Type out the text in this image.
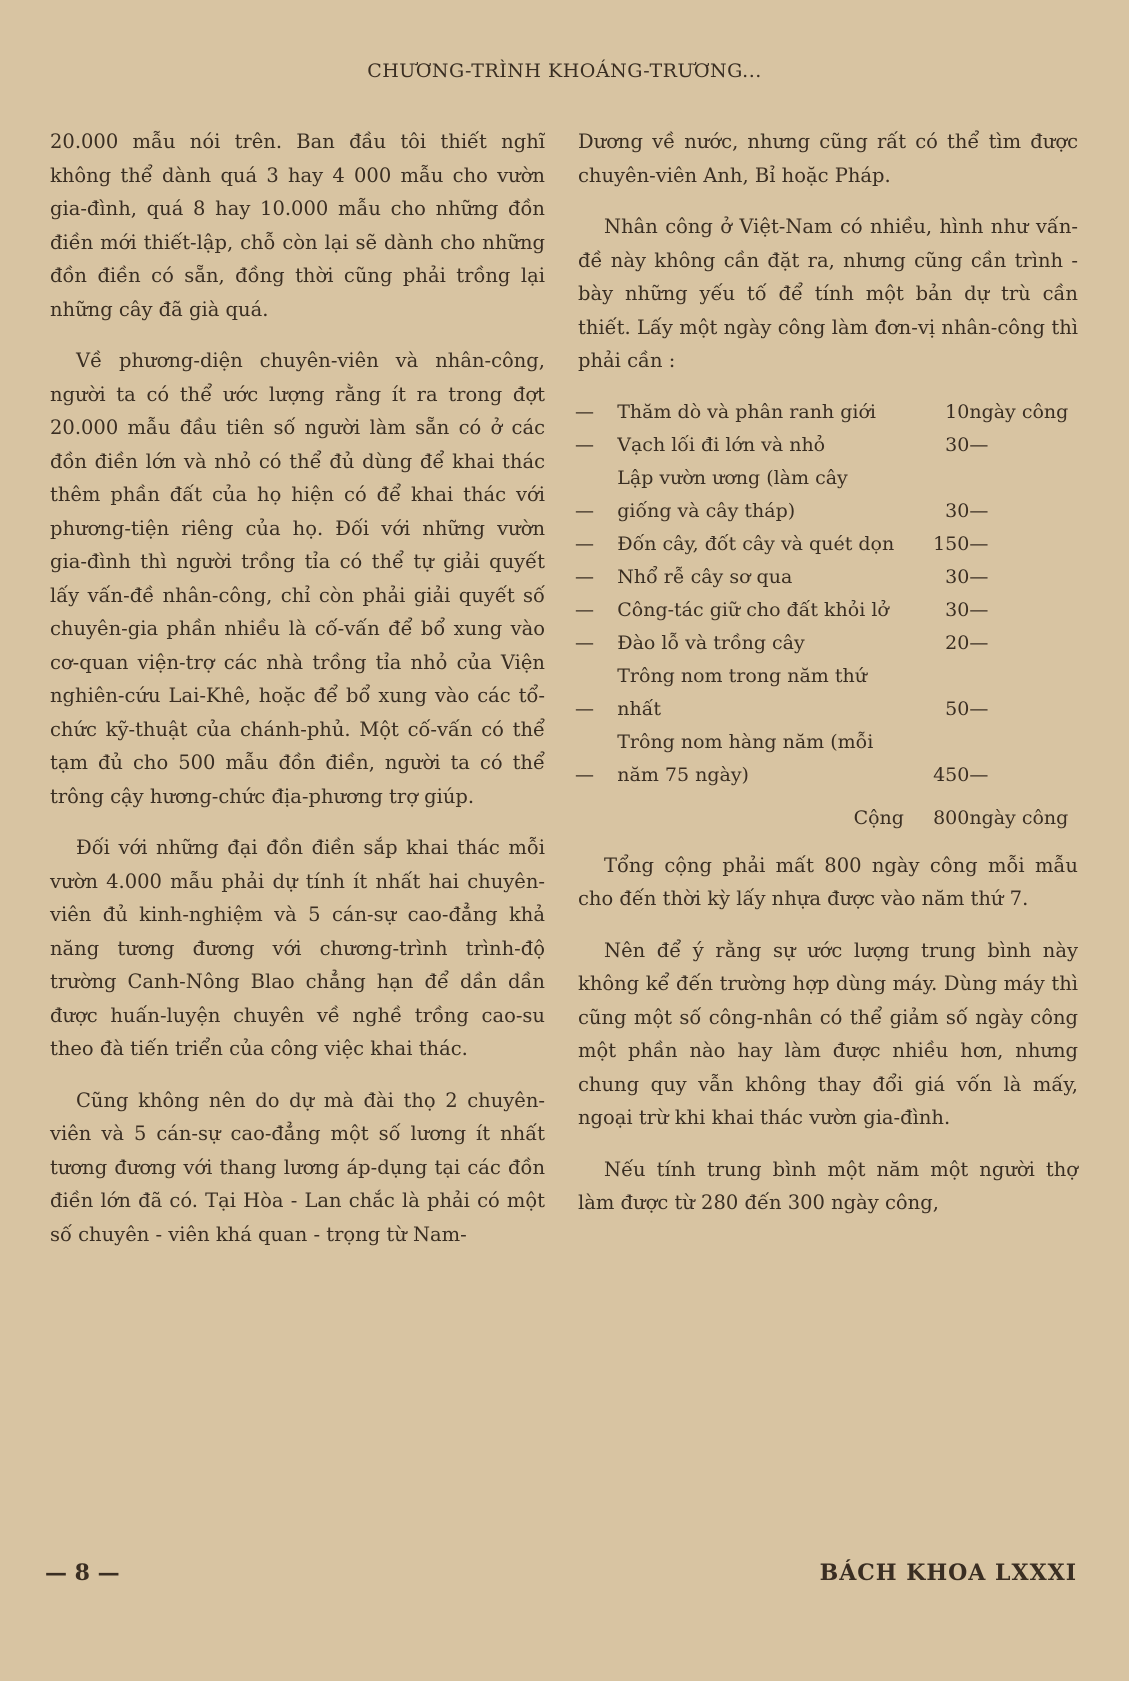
CHƯƠNG-TRÌNH KHOÁNG-TRƯƠNG...

20.000 mẫu nói trên. Ban đầu tôi thiết nghĩ không thể dành quá 3 hay 4 000 mẫu cho vườn gia-đình, quá 8 hay 10.000 mẫu cho những đồn điền mới thiết-lập, chỗ còn lại sẽ dành cho những đồn điền có sẵn, đồng thời cũng phải trồng lại những cây đã già quá.

Về phương-diện chuyên-viên và nhân-công, người ta có thể ước lượng rằng ít ra trong đợt 20.000 mẫu đầu tiên số người làm sẵn có ở các đồn điền lớn và nhỏ có thể đủ dùng để khai thác thêm phần đất của họ hiện có để khai thác với phương-tiện riêng của họ. Đối với những vườn gia-đình thì người trồng tỉa có thể tự giải quyết lấy vấn-đề nhân-công, chỉ còn phải giải quyết số chuyên-gia phần nhiều là cố-vấn để bổ xung vào cơ-quan viện-trợ các nhà trồng tỉa nhỏ của Viện nghiên-cứu Lai-Khê, hoặc để bổ xung vào các tổ-chức kỹ-thuật của chánh-phủ. Một cố-vấn có thể tạm đủ cho 500 mẫu đồn điền, người ta có thể trông cậy hương-chức địa-phương trợ giúp.

Đối với những đại đồn điền sắp khai thác mỗi vườn 4.000 mẫu phải dự tính ít nhất hai chuyên-viên đủ kinh-nghiệm và 5 cán-sự cao-đẳng khả năng tương đương với chương-trình trình-độ trường Canh-Nông Blao chẳng hạn để dần dần được huấn-luyện chuyên về nghề trồng cao-su theo đà tiến triển của công việc khai thác.

Cũng không nên do dự mà đài thọ 2 chuyên-viên và 5 cán-sự cao-đẳng một số lương ít nhất tương đương với thang lương áp-dụng tại các đồn điền lớn đã có. Tại Hòa - Lan chắc là phải có một số chuyên - viên khá quan - trọng từ Nam-

Dương về nước, nhưng cũng rất có thể tìm được chuyên-viên Anh, Bỉ hoặc Pháp.

Nhân công ở Việt-Nam có nhiều, hình như vấn-đề này không cần đặt ra, nhưng cũng cần trình - bày những yếu tố để tính một bản dự trù cần thiết. Lấy một ngày công làm đơn-vị nhân-công thì phải cần :

—	Thăm dò và phân ranh giới	10	ngày công
—	Vạch lối đi lớn và nhỏ	30	—
—	Lập vườn ương (làm cây giống và cây tháp)	30	—
—	Đốn cây, đốt cây và quét dọn	150	—
—	Nhổ rễ cây sơ qua	30	—
—	Công-tác giữ cho đất khỏi lở	30	—
—	Đào lỗ và trồng cây	20	—
—	Trông nom trong năm thứ nhất	50	—
—	Trông nom hàng năm (mỗi năm 75 ngày)	450	—
	Cộng	800	ngày công

Tổng cộng phải mất 800 ngày công mỗi mẫu cho đến thời kỳ lấy nhựa được vào năm thứ 7.

Nên để ý rằng sự ước lượng trung bình này không kể đến trường hợp dùng máy. Dùng máy thì cũng một số công-nhân có thể giảm số ngày công một phần nào hay làm được nhiều hơn, nhưng chung quy vẫn không thay đổi giá vốn là mấy, ngoại trừ khi khai thác vườn gia-đình.

Nếu tính trung bình một năm một người thợ làm được từ 280 đến 300 ngày công,

— 8 —	BÁCH KHOA LXXXI
